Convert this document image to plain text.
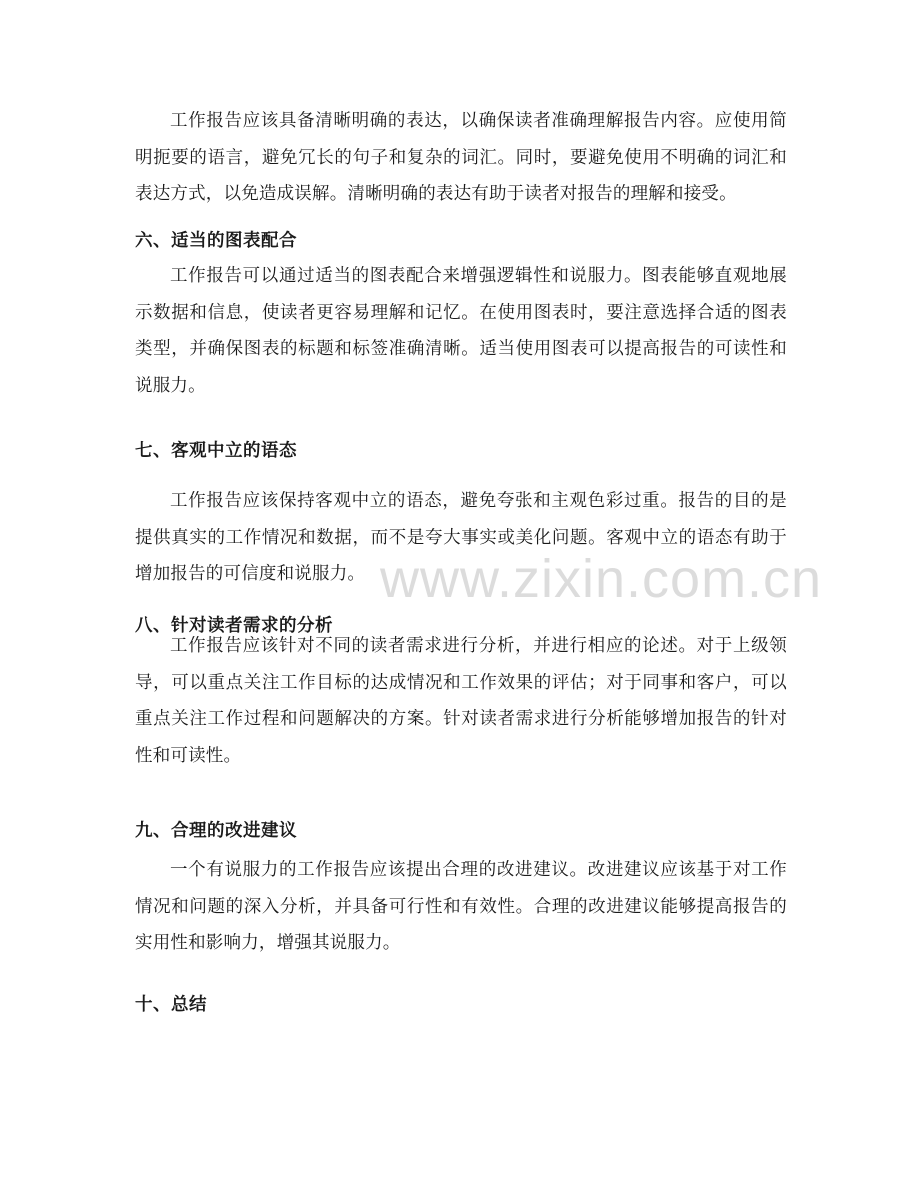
工作报告应该具备清晰明确的表达，以确保读者准确理解报告内容。应使用简明扼要的语言，避免冗长的句子和复杂的词汇。同时，要避免使用不明确的词汇和表达方式，以免造成误解。清晰明确的表达有助于读者对报告的理解和接受。

六、适当的图表配合

工作报告可以通过适当的图表配合来增强逻辑性和说服力。图表能够直观地展示数据和信息，使读者更容易理解和记忆。在使用图表时，要注意选择合适的图表类型，并确保图表的标题和标签准确清晰。适当使用图表可以提高报告的可读性和说服力。

七、客观中立的语态

工作报告应该保持客观中立的语态，避免夸张和主观色彩过重。报告的目的是提供真实的工作情况和数据，而不是夸大事实或美化问题。客观中立的语态有助于增加报告的可信度和说服力。

八、针对读者需求的分析

工作报告应该针对不同的读者需求进行分析，并进行相应的论述。对于上级领导，可以重点关注工作目标的达成情况和工作效果的评估；对于同事和客户，可以重点关注工作过程和问题解决的方案。针对读者需求进行分析能够增加报告的针对性和可读性。

九、合理的改进建议

一个有说服力的工作报告应该提出合理的改进建议。改进建议应该基于对工作情况和问题的深入分析，并具备可行性和有效性。合理的改进建议能够提高报告的实用性和影响力，增强其说服力。

十、总结
www.zixin.com.cn
